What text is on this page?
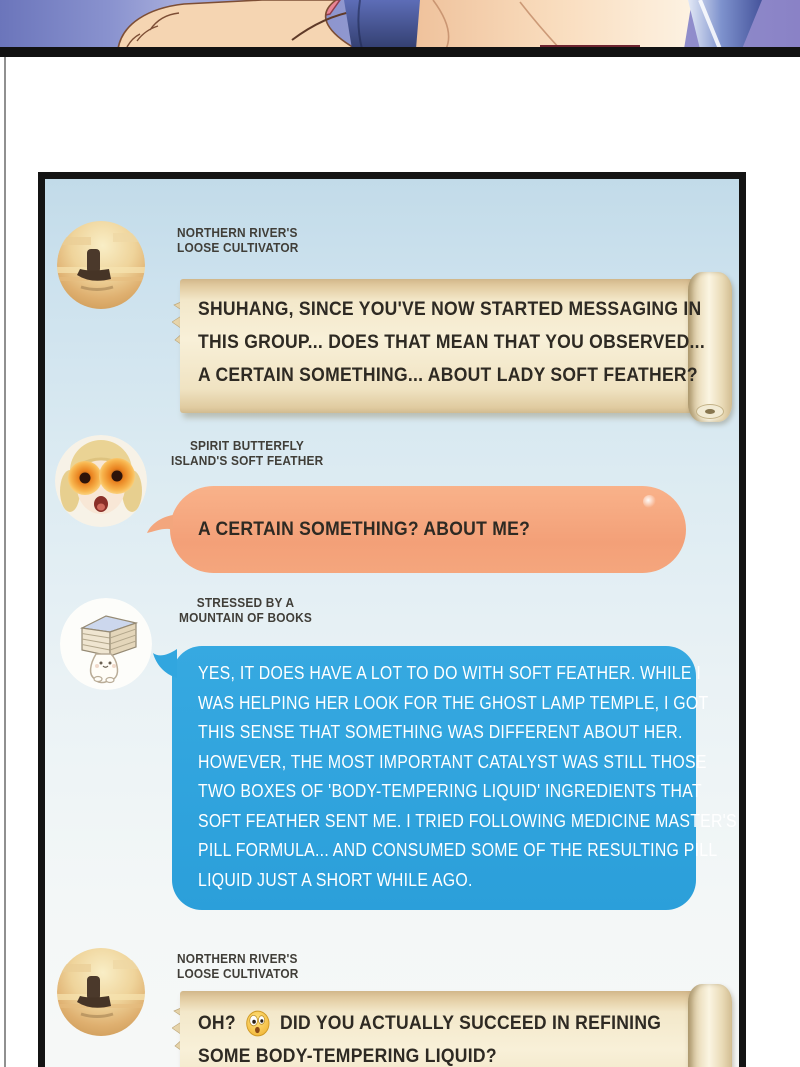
NORTHERN RIVER'S
LOOSE CULTIVATOR
SHUHANG, SINCE YOU'VE NOW STARTED MESSAGING IN
THIS GROUP... DOES THAT MEAN THAT YOU OBSERVED...
A CERTAIN SOMETHING... ABOUT LADY SOFT FEATHER?
SPIRIT BUTTERFLY
ISLAND'S SOFT FEATHER
A CERTAIN SOMETHING? ABOUT ME?
STRESSED BY A
MOUNTAIN OF BOOKS
YES, IT DOES HAVE A LOT TO DO WITH SOFT FEATHER. WHILE I
WAS HELPING HER LOOK FOR THE GHOST LAMP TEMPLE, I GOT
THIS SENSE THAT SOMETHING WAS DIFFERENT ABOUT HER.
HOWEVER, THE MOST IMPORTANT CATALYST WAS STILL THOSE
TWO BOXES OF 'BODY-TEMPERING LIQUID' INGREDIENTS THAT
SOFT FEATHER SENT ME. I TRIED FOLLOWING MEDICINE MASTER'S
PILL FORMULA... AND CONSUMED SOME OF THE RESULTING PILL
LIQUID JUST A SHORT WHILE AGO.
NORTHERN RIVER'S
LOOSE CULTIVATOR
OH? DID YOU ACTUALLY SUCCEED IN REFINING
SOME BODY-TEMPERING LIQUID?
